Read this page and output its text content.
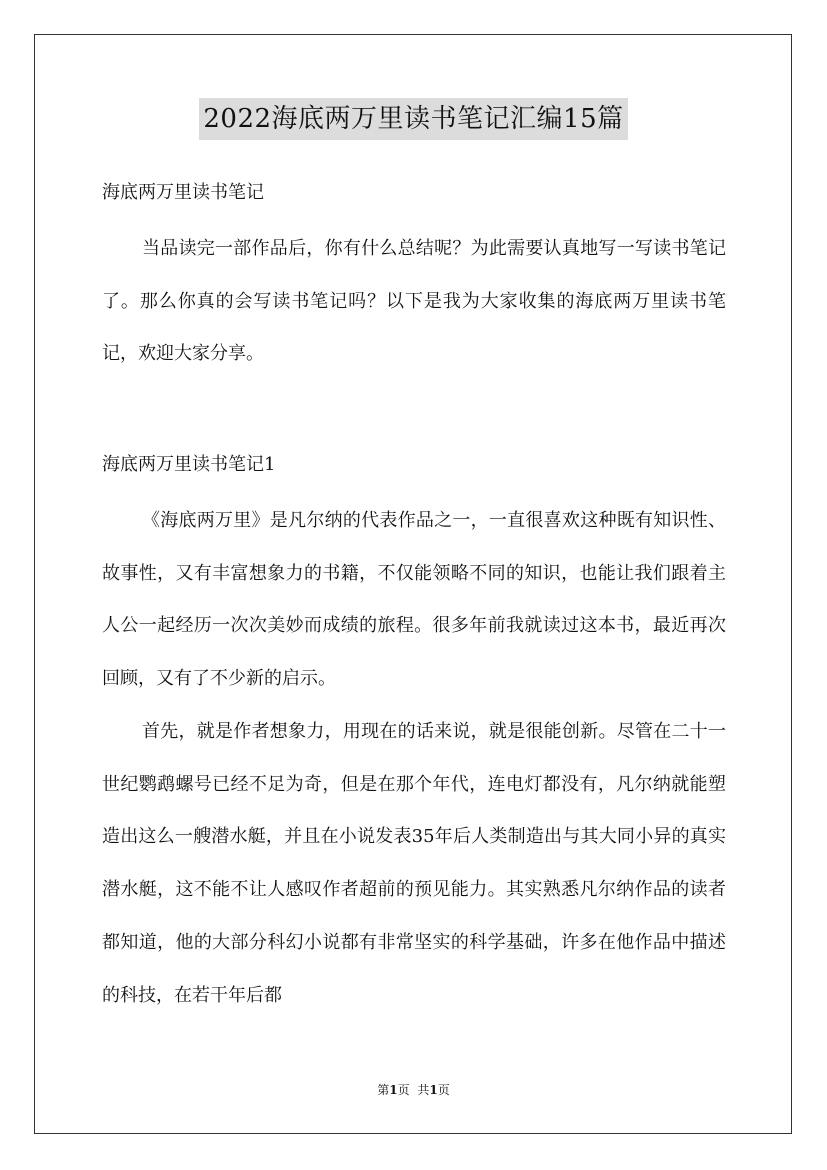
2022海底两万里读书笔记汇编15篇
海底两万里读书笔记

当品读完一部作品后，你有什么总结呢？为此需要认真地写一写读书笔记了。那么你真的会写读书笔记吗？以下是我为大家收集的海底两万里读书笔记，欢迎大家分享。

海底两万里读书笔记1

《海底两万里》是凡尔纳的代表作品之一，一直很喜欢这种既有知识性、故事性，又有丰富想象力的书籍，不仅能领略不同的知识，也能让我们跟着主人公一起经历一次次美妙而成绩的旅程。很多年前我就读过这本书，最近再次回顾，又有了不少新的启示。

首先，就是作者想象力，用现在的话来说，就是很能创新。尽管在二十一世纪鹦鹉螺号已经不足为奇，但是在那个年代，连电灯都没有，凡尔纳就能塑造出这么一艘潜水艇，并且在小说发表35年后人类制造出与其大同小异的真实潜水艇，这不能不让人感叹作者超前的预见能力。其实熟悉凡尔纳作品的读者都知道，他的大部分科幻小说都有非常坚实的科学基础，许多在他作品中描述的科技，在若干年后都

第1页 共1页
